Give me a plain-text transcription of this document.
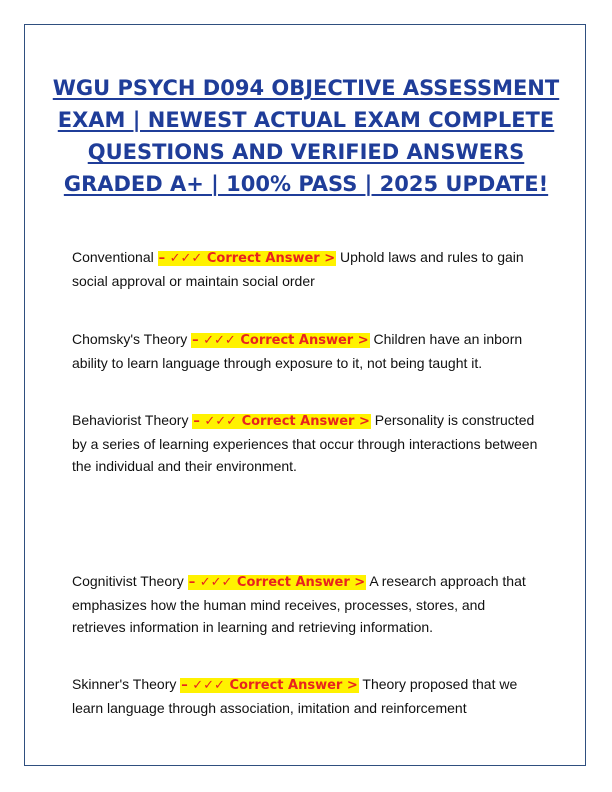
WGU PSYCH D094 OBJECTIVE ASSESSMENT EXAM | NEWEST ACTUAL EXAM COMPLETE QUESTIONS AND VERIFIED ANSWERS GRADED A+ | 100% PASS | 2025 UPDATE!

Conventional – ✓✓✓ Correct Answer > Uphold laws and rules to gain social approval or maintain social order

Chomsky's Theory – ✓✓✓ Correct Answer > Children have an inborn ability to learn language through exposure to it, not being taught it.

Behaviorist Theory – ✓✓✓ Correct Answer > Personality is constructed by a series of learning experiences that occur through interactions between the individual and their environment.

Cognitivist Theory – ✓✓✓ Correct Answer > A research approach that emphasizes how the human mind receives, processes, stores, and retrieves information in learning and retrieving information.

Skinner's Theory – ✓✓✓ Correct Answer > Theory proposed that we learn language through association, imitation and reinforcement
